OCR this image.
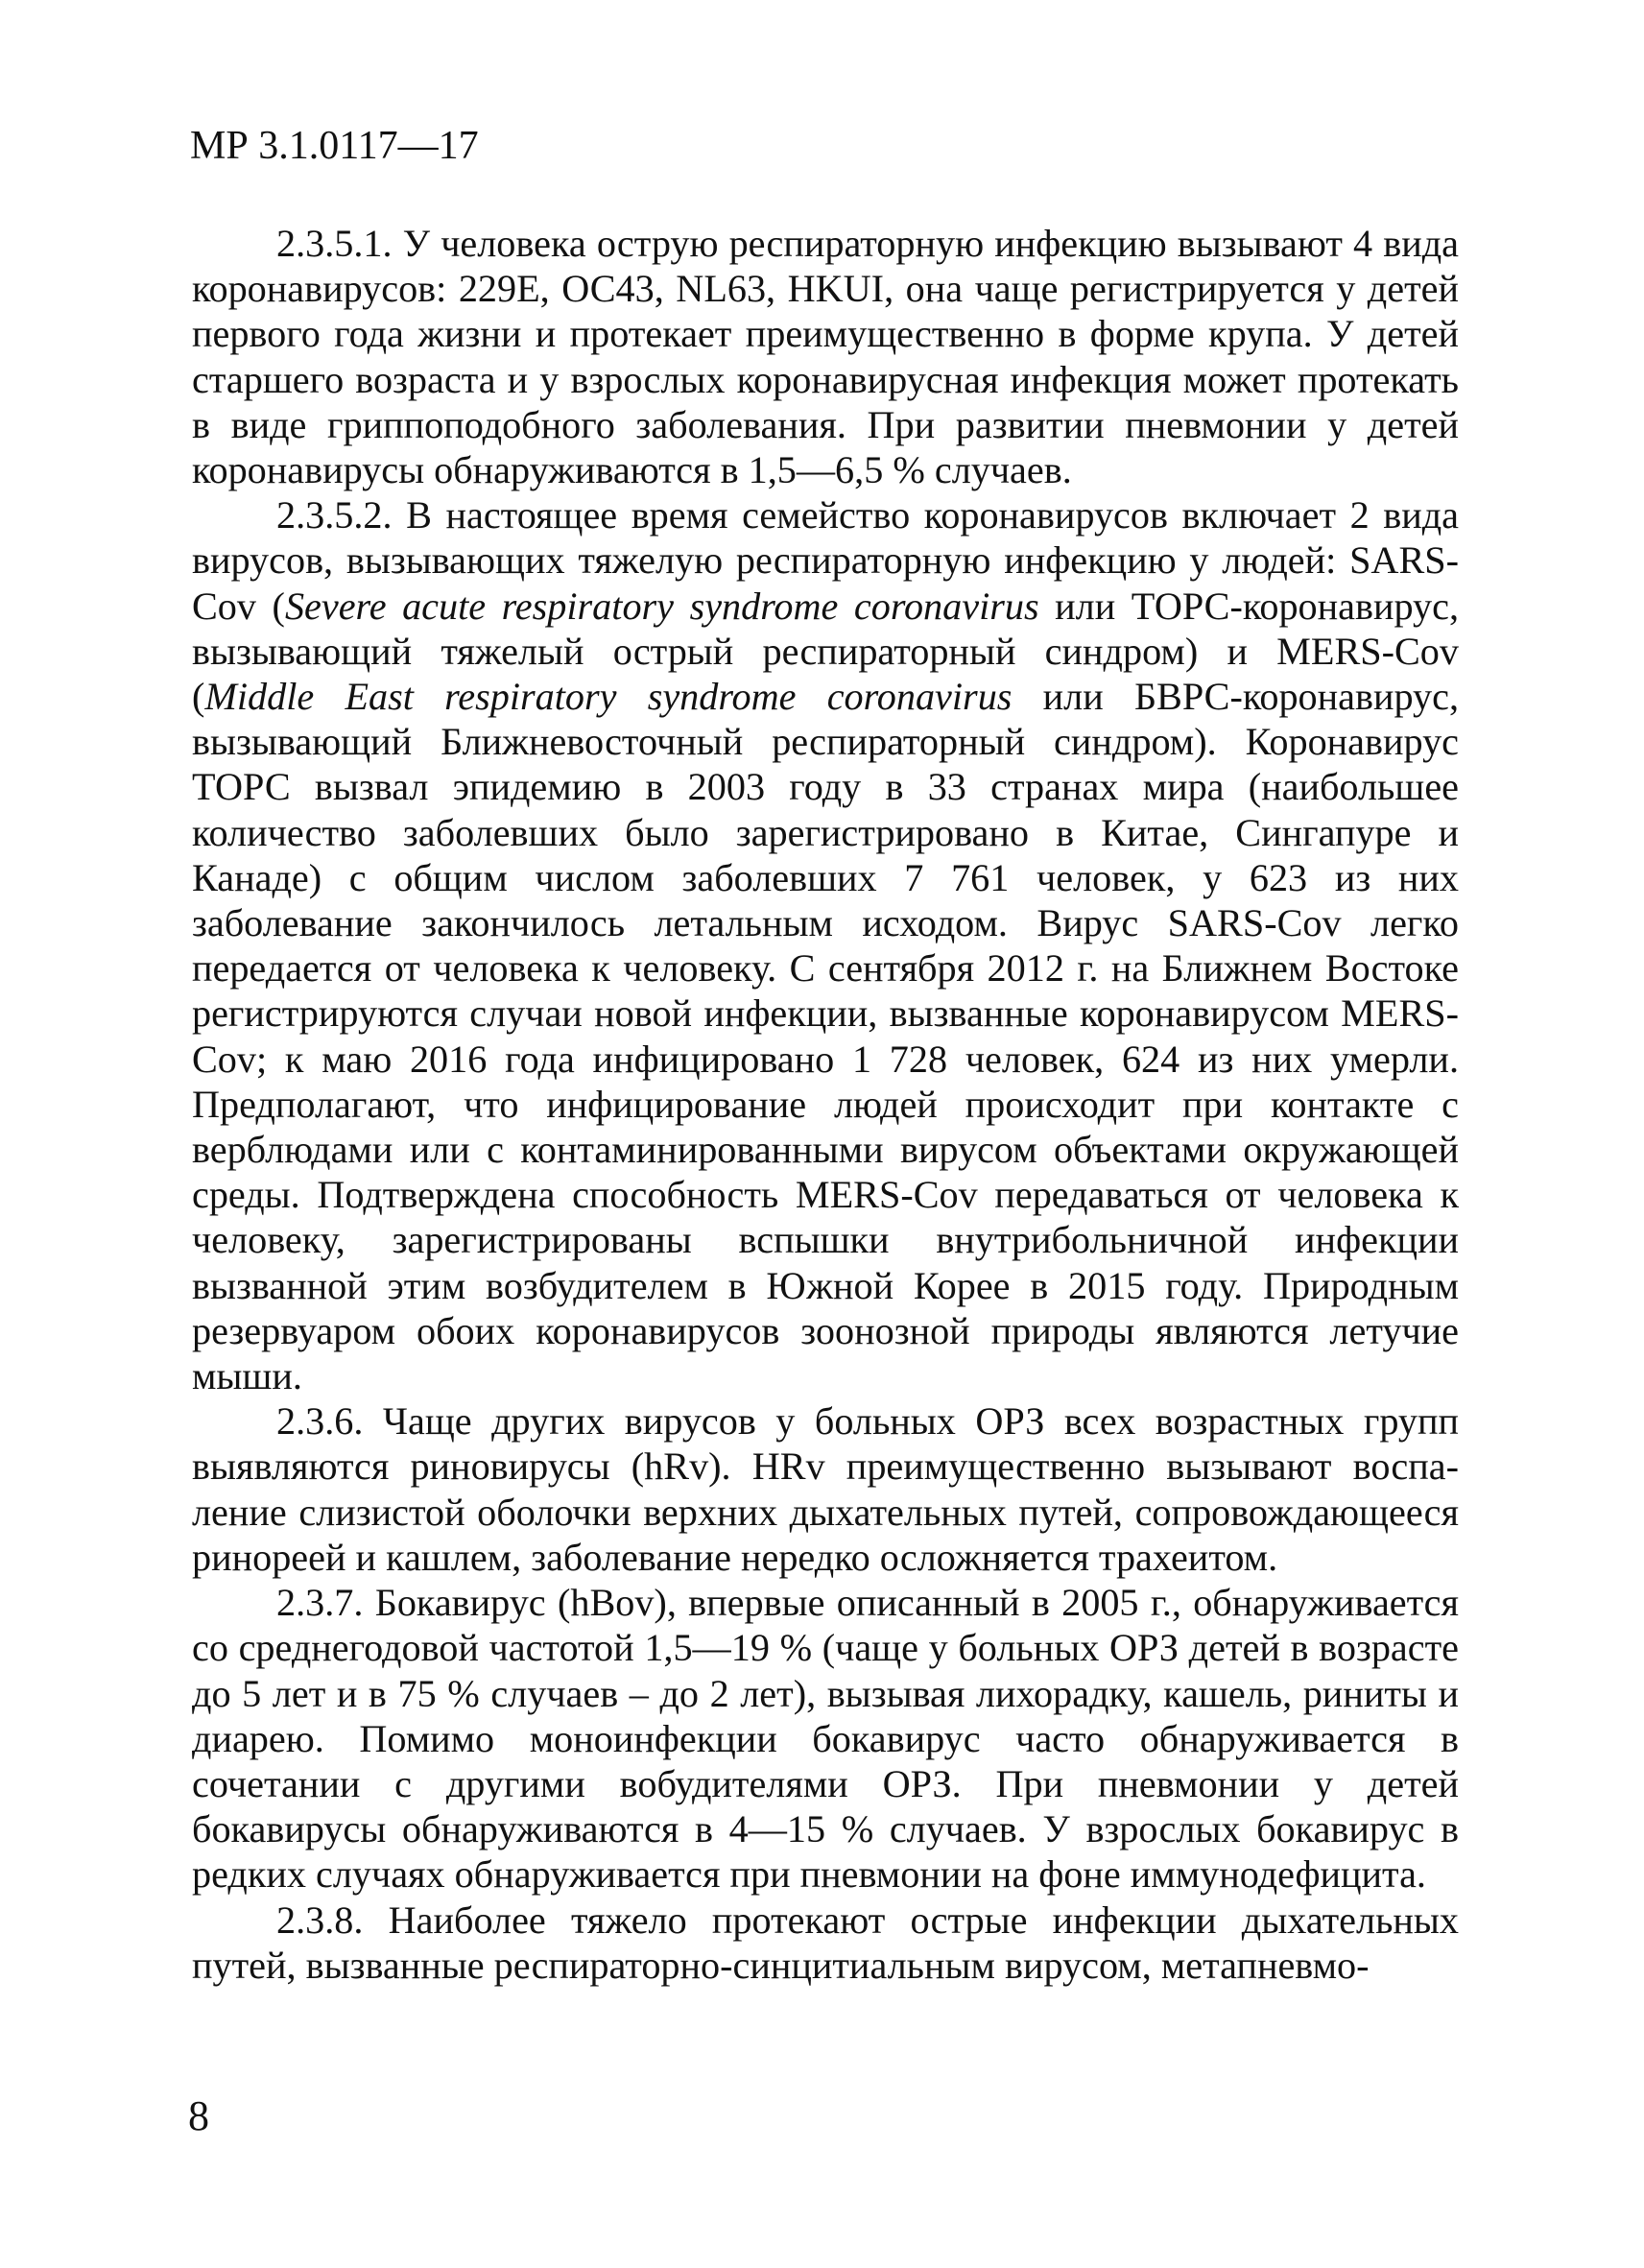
МР 3.1.0117—17

2.3.5.1. У человека острую респираторную инфекцию вызывают 4 вида коронавирусов: 229Е, ОС43, NL63, HKUI, она чаще регистрируется у детей первого года жизни и протекает преимущественно в форме крупа. У детей старшего возраста и у взрослых коронавирусная инфекция может протекать в виде гриппоподобного заболевания. При развитии пневмонии у детей коронавирусы обнаруживаются в 1,5—6,5 % случаев.

2.3.5.2. В настоящее время семейство коронавирусов включает 2 вида вирусов, вызывающих тяжелую респираторную инфекцию у людей: SARS-Cov (Severe acute respiratory syndrome coronavirus или ТОРС-коронавирус, вызывающий тяжелый острый респираторный синдром) и MERS-Cov (Middle East respiratory syndrome coronavirus или БВРС-коронавирус, вызывающий Ближневосточный респираторный синдром). Коронавирус ТОРС вызвал эпидемию в 2003 году в 33 странах мира (наибольшее количество заболевших было зарегистрировано в Китае, Сингапуре и Канаде) с общим числом заболевших 7 761 человек, у 623 из них заболевание закончилось летальным исходом. Вирус SARS-Cov легко передается от человека к человеку. С сентября 2012 г. на Ближнем Востоке регистрируются случаи новой инфекции, вызванные коронавирусом MERS-Cov; к маю 2016 года инфицировано 1 728 человек, 624 из них умерли. Предполагают, что инфицирование людей происходит при контакте с верблюдами или с контаминированными вирусом объектами окружающей среды. Подтверждена способность MERS-Cov передаваться от человека к человеку, зарегистрированы вспышки внутрибольничной инфекции вызванной этим возбудителем в Южной Корее в 2015 году. Природным резервуаром обоих коронавирусов зоонозной природы являются летучие мыши.

2.3.6. Чаще других вирусов у больных ОРЗ всех возрастных групп выявляются риновирусы (hRv). HRv преимущественно вызывают воспаление слизистой оболочки верхних дыхательных путей, сопровождающееся ринореей и кашлем, заболевание нередко осложняется трахеитом.

2.3.7. Бокавирус (hBov), впервые описанный в 2005 г., обнаруживается со среднегодовой частотой 1,5—19 % (чаще у больных ОРЗ детей в возрасте до 5 лет и в 75 % случаев – до 2 лет), вызывая лихорадку, кашель, риниты и диарею. Помимо моноинфекции бокавирус часто обнаруживается в сочетании с другими вобудителями ОРЗ. При пневмонии у детей бокавирусы обнаруживаются в 4—15 % случаев. У взрослых бокавирус в редких случаях обнаруживается при пневмонии на фоне иммунодефицита.

2.3.8. Наиболее тяжело протекают острые инфекции дыхательных путей, вызванные респираторно-синцитиальным вирусом, метапневмо-

8
